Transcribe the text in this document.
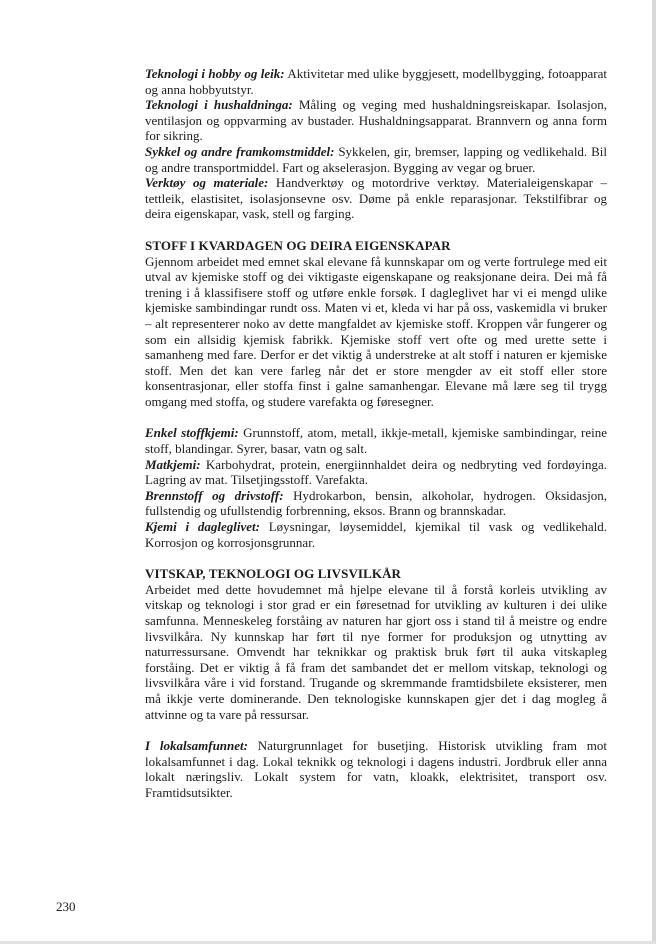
Teknologi i hobby og leik: Aktivitetar med ulike byggjesett, modellbygging, fotoapparat og anna hobbyutstyr.

Teknologi i hushaldninga: Måling og veging med hushaldningsreiskapar. Isolasjon, ventilasjon og oppvarming av bustader. Hushaldningsapparat. Brannvern og anna form for sikring.

Sykkel og andre framkomstmiddel: Sykkelen, gir, bremser, lapping og vedlikehald. Bil og andre transportmiddel. Fart og akselerasjon. Bygging av vegar og bruer.

Verktøy og materiale: Handverktøy og motordrive verktøy. Materialeigenskapar – tettleik, elastisitet, isolasjonsevne osv. Døme på enkle reparasjonar. Tekstilfibrar og deira eigenskapar, vask, stell og farging.

STOFF I KVARDAGEN OG DEIRA EIGENSKAPAR

Gjennom arbeidet med emnet skal elevane få kunnskapar om og verte fortrulege med eit utval av kjemiske stoff og dei viktigaste eigenskapane og reaksjonane deira. Dei må få trening i å klassifisere stoff og utføre enkle forsøk. I dagleglivet har vi ei mengd ulike kjemiske sambindingar rundt oss. Maten vi et, kleda vi har på oss, vaskemidla vi bruker – alt representerer noko av dette mangfaldet av kjemiske stoff. Kroppen vår fungerer og som ein allsidig kjemisk fabrikk. Kjemiske stoff vert ofte og med urette sette i samanheng med fare. Derfor er det viktig å understreke at alt stoff i naturen er kjemiske stoff. Men det kan vere farleg når det er store mengder av eit stoff eller store konsentrasjonar, eller stoffa finst i galne samanhengar. Elevane må lære seg til trygg omgang med stoffa, og studere varefakta og føresegner.

Enkel stoffkjemi: Grunnstoff, atom, metall, ikkje-metall, kjemiske sambindingar, reine stoff, blandingar. Syrer, basar, vatn og salt.

Matkjemi: Karbohydrat, protein, energiinnhaldet deira og nedbryting ved fordøyinga. Lagring av mat. Tilsetjingsstoff. Varefakta.

Brennstoff og drivstoff: Hydrokarbon, bensin, alkoholar, hydrogen. Oksidasjon, fullstendig og ufullstendig forbrenning, eksos. Brann og brannskadar.

Kjemi i dagleglivet: Løysningar, løysemiddel, kjemikal til vask og vedlikehald. Korrosjon og korrosjonsgrunnar.

VITSKAP, TEKNOLOGI OG LIVSVILKÅR

Arbeidet med dette hovudemnet må hjelpe elevane til å forstå korleis utvikling av vitskap og teknologi i stor grad er ein føresetnad for utvikling av kulturen i dei ulike samfunna. Menneskeleg forståing av naturen har gjort oss i stand til å meistre og endre livsvilkåra. Ny kunnskap har ført til nye former for produksjon og utnytting av naturressursane. Omvendt har teknikkar og praktisk bruk ført til auka vitskapleg forståing. Det er viktig å få fram det sambandet det er mellom vitskap, teknologi og livsvilkåra våre i vid forstand. Trugande og skremmande framtidsbilete eksisterer, men må ikkje verte dominerande. Den teknologiske kunnskapen gjer det i dag mogleg å attvinne og ta vare på ressursar.

I lokalsamfunnet: Naturgrunnlaget for busetjing. Historisk utvikling fram mot lokalsamfunnet i dag. Lokal teknikk og teknologi i dagens industri. Jordbruk eller anna lokalt næringsliv. Lokalt system for vatn, kloakk, elektrisitet, transport osv. Framtidsutsikter.

230
